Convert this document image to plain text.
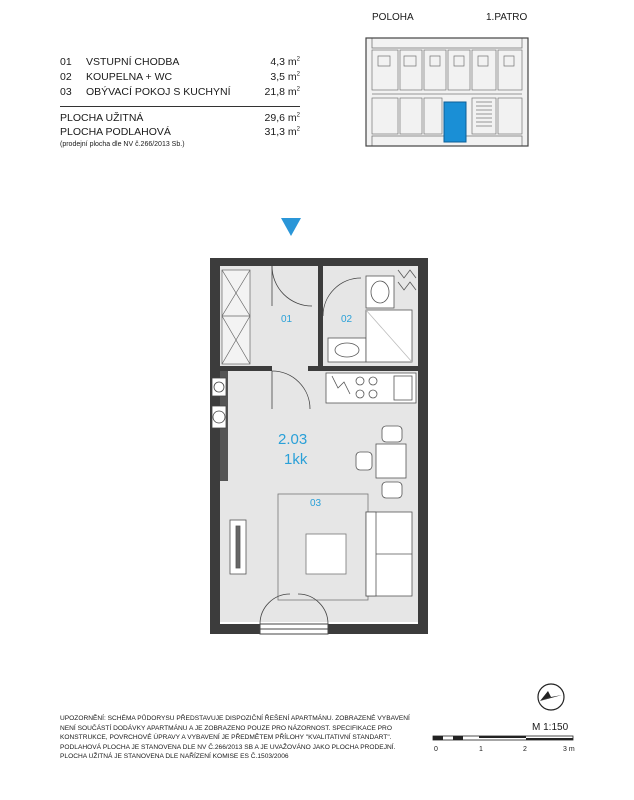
01	VSTUPNÍ CHODBA	4,3 $m^2$
02	KOUPELNA + WC	3,5 $m^2$
03	OBÝVACÍ POKOJ S KUCHYNÍ	21,8 $m^2$
PLOCHA UŽITNÁ	29,6 $m^2$
PLOCHA PODLAHOVÁ	31,3 $m^2$
(prodejní plocha dle NV č.266/2013 Sb.)
POLOHA	1.PATRO
01	02
03
2.03
1kk
M 1:150
0	1	2	3 m
UPOZORNĚNÍ: SCHÉMA PŮDORYSU PŘEDSTAVUJE DISPOZIČNÍ ŘEŠENÍ APARTMÁNU. ZOBRAZENÉ VYBAVENÍ
NENÍ SOUČÁSTÍ DODÁVKY APARTMÁNU A JE ZOBRAZENO POUZE PRO NÁZORNOST. SPECIFIKACE PRO
KONSTRUKCE, POVRCHOVÉ ÚPRAVY A VYBAVENÍ JE PŘEDMĚTEM PŘÍLOHY "KVALITATIVNÍ STANDART".
PODLAHOVÁ PLOCHA JE STANOVENA DLE NV Č.266/2013 SB A JE UVAŽOVÁNO JAKO PLOCHA PRODEJNÍ.
PLOCHA UŽITNÁ JE STANOVENA DLE NAŘÍZENÍ KOMISE ES Č.1503/2006
